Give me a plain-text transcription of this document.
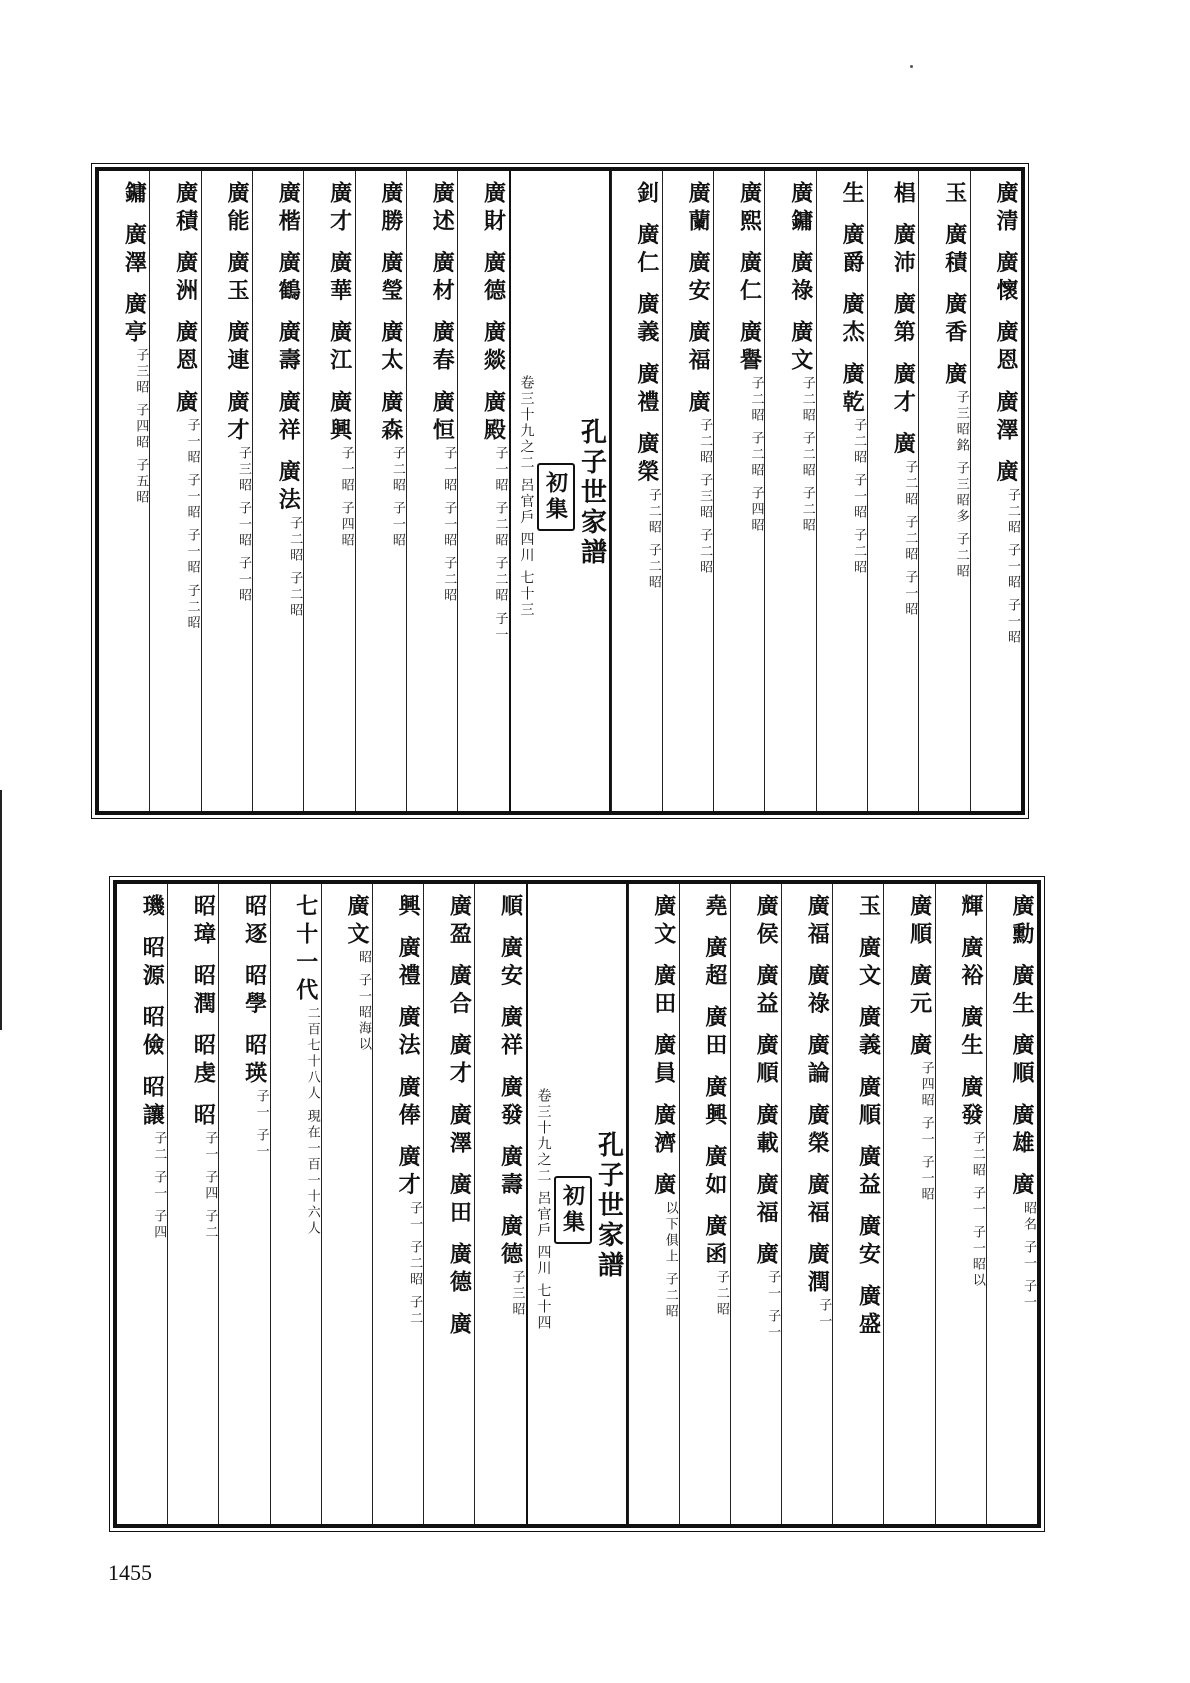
廣清 廣懷 廣恩 廣澤 廣
子二昭 子一昭 子一昭
玉 廣積 廣香 廣
子三昭銘 子三昭多 子二昭
椙 廣沛 廣第 廣才 廣
子二昭 子二昭 子一昭
生 廣爵 廣杰 廣乾
子二昭 子一昭 子二昭
廣鏞 廣祿 廣文
子二昭 子二昭 子二昭
廣熙 廣仁 廣譽
子二昭 子二昭 子四昭
廣蘭 廣安 廣福 廣
子二昭 子三昭 子二昭
釗 廣仁 廣義 廣禮 廣榮
子二昭 子二昭
孔子世家譜
初集
卷三十九之二 呂官戶 四川 七十三
廣財 廣德 廣燚 廣殿
子一昭 子二昭 子二昭 子一
廣述 廣材 廣春 廣恒
子一昭 子一昭 子二昭
廣勝 廣瑩 廣太 廣森
子二昭 子一昭
廣才 廣華 廣江 廣興
子一昭 子四昭
廣楷 廣鶴 廣壽 廣祥 廣法
子二昭 子二昭
廣能 廣玉 廣連 廣才
子三昭 子一昭 子一昭
廣積 廣洲 廣恩 廣
子一昭 子一昭 子一昭 子二昭
鏞 廣澤 廣亭
子三昭 子四昭 子五昭
廣勳 廣生 廣順 廣雄 廣
昭名 子一 子一
輝 廣裕 廣生 廣發
子二昭 子一 子一昭以
廣順 廣元 廣
子四昭 子一 子一昭
玉 廣文 廣義 廣順 廣益 廣安 廣盛
廣福 廣祿 廣論 廣榮 廣福 廣潤
子一
廣侯 廣益 廣順 廣載 廣福 廣
子一 子一
堯 廣超 廣田 廣興 廣如 廣函
子二昭
廣文 廣田 廣員 廣濟 廣
以下俱上 子二昭
孔子世家譜
初集
卷三十九之二 呂官戶 四川 七十四
順 廣安 廣祥 廣發 廣壽 廣德
子三昭
廣盈 廣合 廣才 廣澤 廣田 廣德 廣
興 廣禮 廣法 廣俸 廣才
子一 子二昭 子二
廣文
昭 子一昭海以
七十一代
二百七十八人 現在一百一十六人
昭逐 昭學 昭瑛
子一 子一
昭璋 昭潤 昭虔 昭
子一 子四 子二
璣 昭源 昭儉 昭讓
子二 子一 子四
1455
